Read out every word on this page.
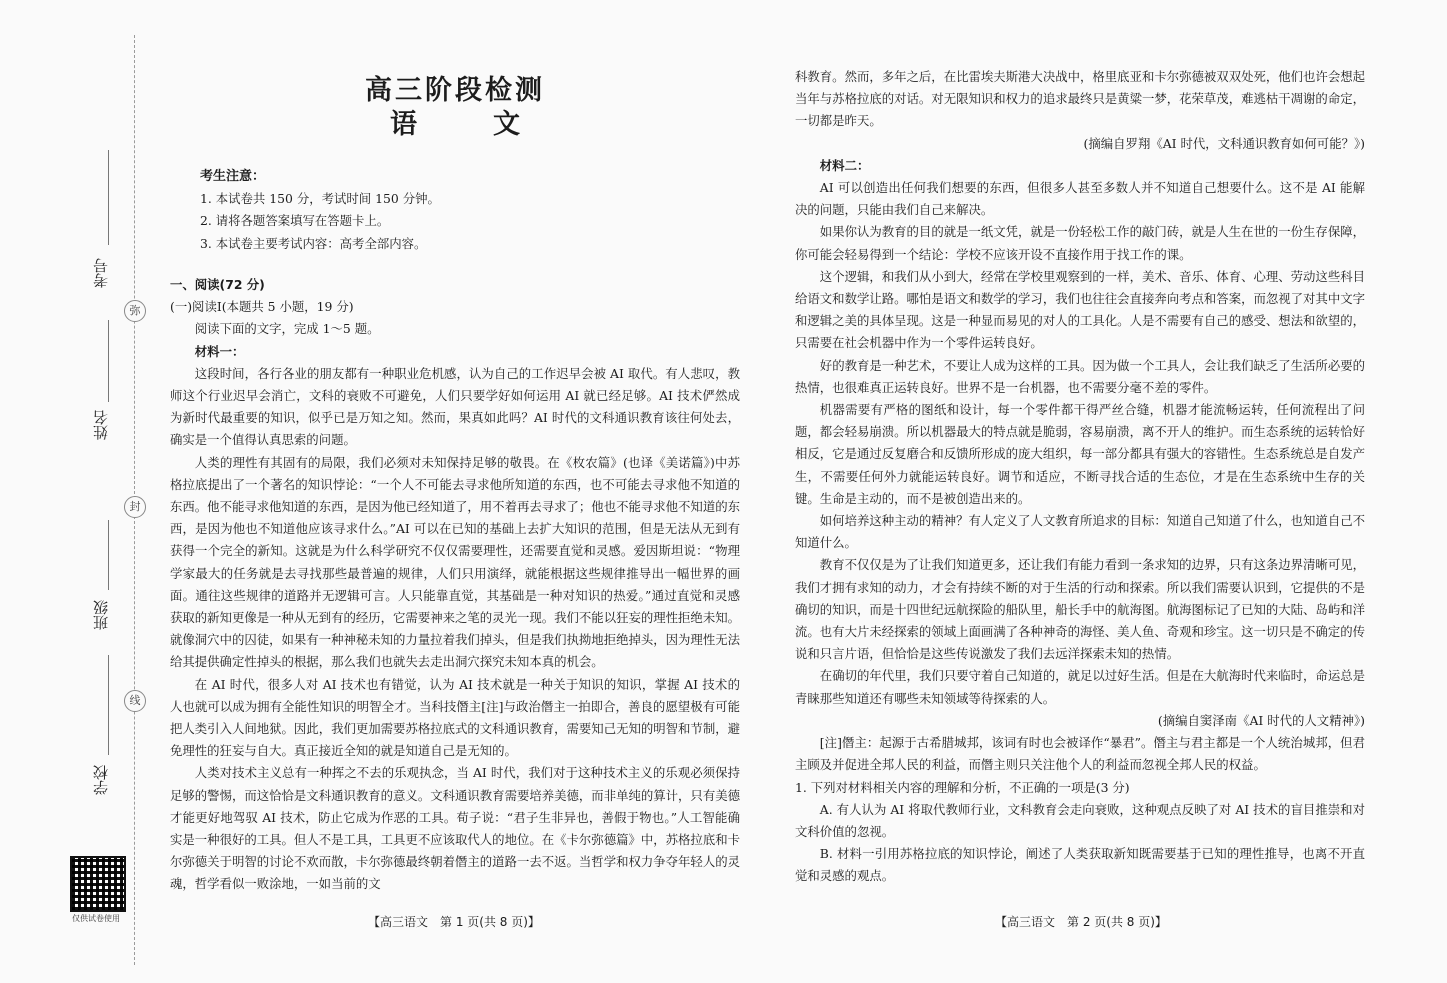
弥
封
线
考号
姓名
班级
学校
仅供试卷使用
高三阶段检测
语	文

考生注意：

1. 本试卷共 150 分，考试时间 150 分钟。

2. 请将各题答案填写在答题卡上。

3. 本试卷主要考试内容：高考全部内容。

一、阅读(72 分)

(一)阅读Ⅰ(本题共 5 小题，19 分)

阅读下面的文字，完成 1～5 题。

材料一：

这段时间，各行各业的朋友都有一种职业危机感，认为自己的工作迟早会被 AI 取代。有人悲叹，教师这个行业迟早会消亡，文科的衰败不可避免，人们只要学好如何运用 AI 就已经足够。AI 技术俨然成为新时代最重要的知识，似乎已是万知之知。然而，果真如此吗？AI 时代的文科通识教育该往何处去，确实是一个值得认真思索的问题。

人类的理性有其固有的局限，我们必须对未知保持足够的敬畏。在《枚农篇》(也译《美诺篇》)中苏格拉底提出了一个著名的知识悖论：“一个人不可能去寻求他所知道的东西，也不可能去寻求他不知道的东西。他不能寻求他知道的东西，是因为他已经知道了，用不着再去寻求了；他也不能寻求他不知道的东西，是因为他也不知道他应该寻求什么。”AI 可以在已知的基础上去扩大知识的范围，但是无法从无到有获得一个完全的新知。这就是为什么科学研究不仅仅需要理性，还需要直觉和灵感。爱因斯坦说：“物理学家最大的任务就是去寻找那些最普遍的规律，人们只用演绎，就能根据这些规律推导出一幅世界的画面。通往这些规律的道路并无逻辑可言。人只能靠直觉，其基础是一种对知识的热爱。”通过直觉和灵感获取的新知更像是一种从无到有的经历，它需要神来之笔的灵光一现。我们不能以狂妄的理性拒绝未知。就像洞穴中的囚徒，如果有一种神秘未知的力量拉着我们掉头，但是我们执拗地拒绝掉头，因为理性无法给其提供确定性掉头的根据，那么我们也就失去走出洞穴探究未知本真的机会。

在 AI 时代，很多人对 AI 技术也有错觉，认为 AI 技术就是一种关于知识的知识，掌握 AI 技术的人也就可以成为拥有全能性知识的明智全才。当科技僭主[注]与政治僭主一拍即合，善良的愿望极有可能把人类引入人间地狱。因此，我们更加需要苏格拉底式的文科通识教育，需要知己无知的明智和节制，避免理性的狂妄与自大。真正接近全知的就是知道自己是无知的。

人类对技术主义总有一种挥之不去的乐观执念，当 AI 时代，我们对于这种技术主义的乐观必须保持足够的警惕，而这恰恰是文科通识教育的意义。文科通识教育需要培养美德，而非单纯的算计，只有美德才能更好地驾驭 AI 技术，防止它成为作恶的工具。荀子说：“君子生非异也，善假于物也。”人工智能确实是一种很好的工具。但人不是工具，工具更不应该取代人的地位。在《卡尔弥德篇》中，苏格拉底和卡尔弥德关于明智的讨论不欢而散，卡尔弥德最终朝着僭主的道路一去不返。当哲学和权力争夺年轻人的灵魂，哲学看似一败涂地，一如当前的文

【高三语文　第 1 页(共 8 页)】

科教育。然而，多年之后，在比雷埃夫斯港大决战中，格里底亚和卡尔弥德被双双处死，他们也许会想起当年与苏格拉底的对话。对无限知识和权力的追求最终只是黄粱一梦，花荣草茂，难逃枯干凋谢的命定，一切都是昨天。

(摘编自罗翔《AI 时代，文科通识教育如何可能？》)

材料二：

AI 可以创造出任何我们想要的东西，但很多人甚至多数人并不知道自己想要什么。这不是 AI 能解决的问题，只能由我们自己来解决。

如果你认为教育的目的就是一纸文凭，就是一份轻松工作的敲门砖，就是人生在世的一份生存保障，你可能会轻易得到一个结论：学校不应该开设不直接作用于找工作的课。

这个逻辑，和我们从小到大，经常在学校里观察到的一样，美术、音乐、体育、心理、劳动这些科目给语文和数学让路。哪怕是语文和数学的学习，我们也往往会直接奔向考点和答案，而忽视了对其中文字和逻辑之美的具体呈现。这是一种显而易见的对人的工具化。人是不需要有自己的感受、想法和欲望的，只需要在社会机器中作为一个零件运转良好。

好的教育是一种艺术，不要让人成为这样的工具。因为做一个工具人，会让我们缺乏了生活所必要的热情，也很难真正运转良好。世界不是一台机器，也不需要分毫不差的零件。

机器需要有严格的图纸和设计，每一个零件都干得严丝合缝，机器才能流畅运转，任何流程出了问题，都会轻易崩溃。所以机器最大的特点就是脆弱，容易崩溃，离不开人的维护。而生态系统的运转恰好相反，它是通过反复磨合和反馈所形成的庞大组织，每一部分都具有强大的容错性。生态系统总是自发产生，不需要任何外力就能运转良好。调节和适应，不断寻找合适的生态位，才是在生态系统中生存的关键。生命是主动的，而不是被创造出来的。

如何培养这种主动的精神？有人定义了人文教育所追求的目标：知道自己知道了什么，也知道自己不知道什么。

教育不仅仅是为了让我们知道更多，还让我们有能力看到一条求知的边界，只有这条边界清晰可见，我们才拥有求知的动力，才会有持续不断的对于生活的行动和探索。所以我们需要认识到，它提供的不是确切的知识，而是十四世纪远航探险的船队里，船长手中的航海图。航海图标记了已知的大陆、岛屿和洋流。也有大片未经探索的领域上面画满了各种神奇的海怪、美人鱼、奇观和珍宝。这一切只是不确定的传说和只言片语，但恰恰是这些传说激发了我们去远洋探索未知的热情。

在确切的年代里，我们只要守着自己知道的，就足以过好生活。但是在大航海时代来临时，命运总是青睐那些知道还有哪些未知领域等待探索的人。

(摘编自窦泽南《AI 时代的人文精神》)

[注]僭主：起源于古希腊城邦，该词有时也会被译作“暴君”。僭主与君主都是一个人统治城邦，但君主顾及并促进全邦人民的利益，而僭主则只关注他个人的利益而忽视全邦人民的权益。

1. 下列对材料相关内容的理解和分析，不正确的一项是(3 分)

A. 有人认为 AI 将取代教师行业，文科教育会走向衰败，这种观点反映了对 AI 技术的盲目推崇和对文科价值的忽视。

B. 材料一引用苏格拉底的知识悖论，阐述了人类获取新知既需要基于已知的理性推导，也离不开直觉和灵感的观点。

【高三语文　第 2 页(共 8 页)】
